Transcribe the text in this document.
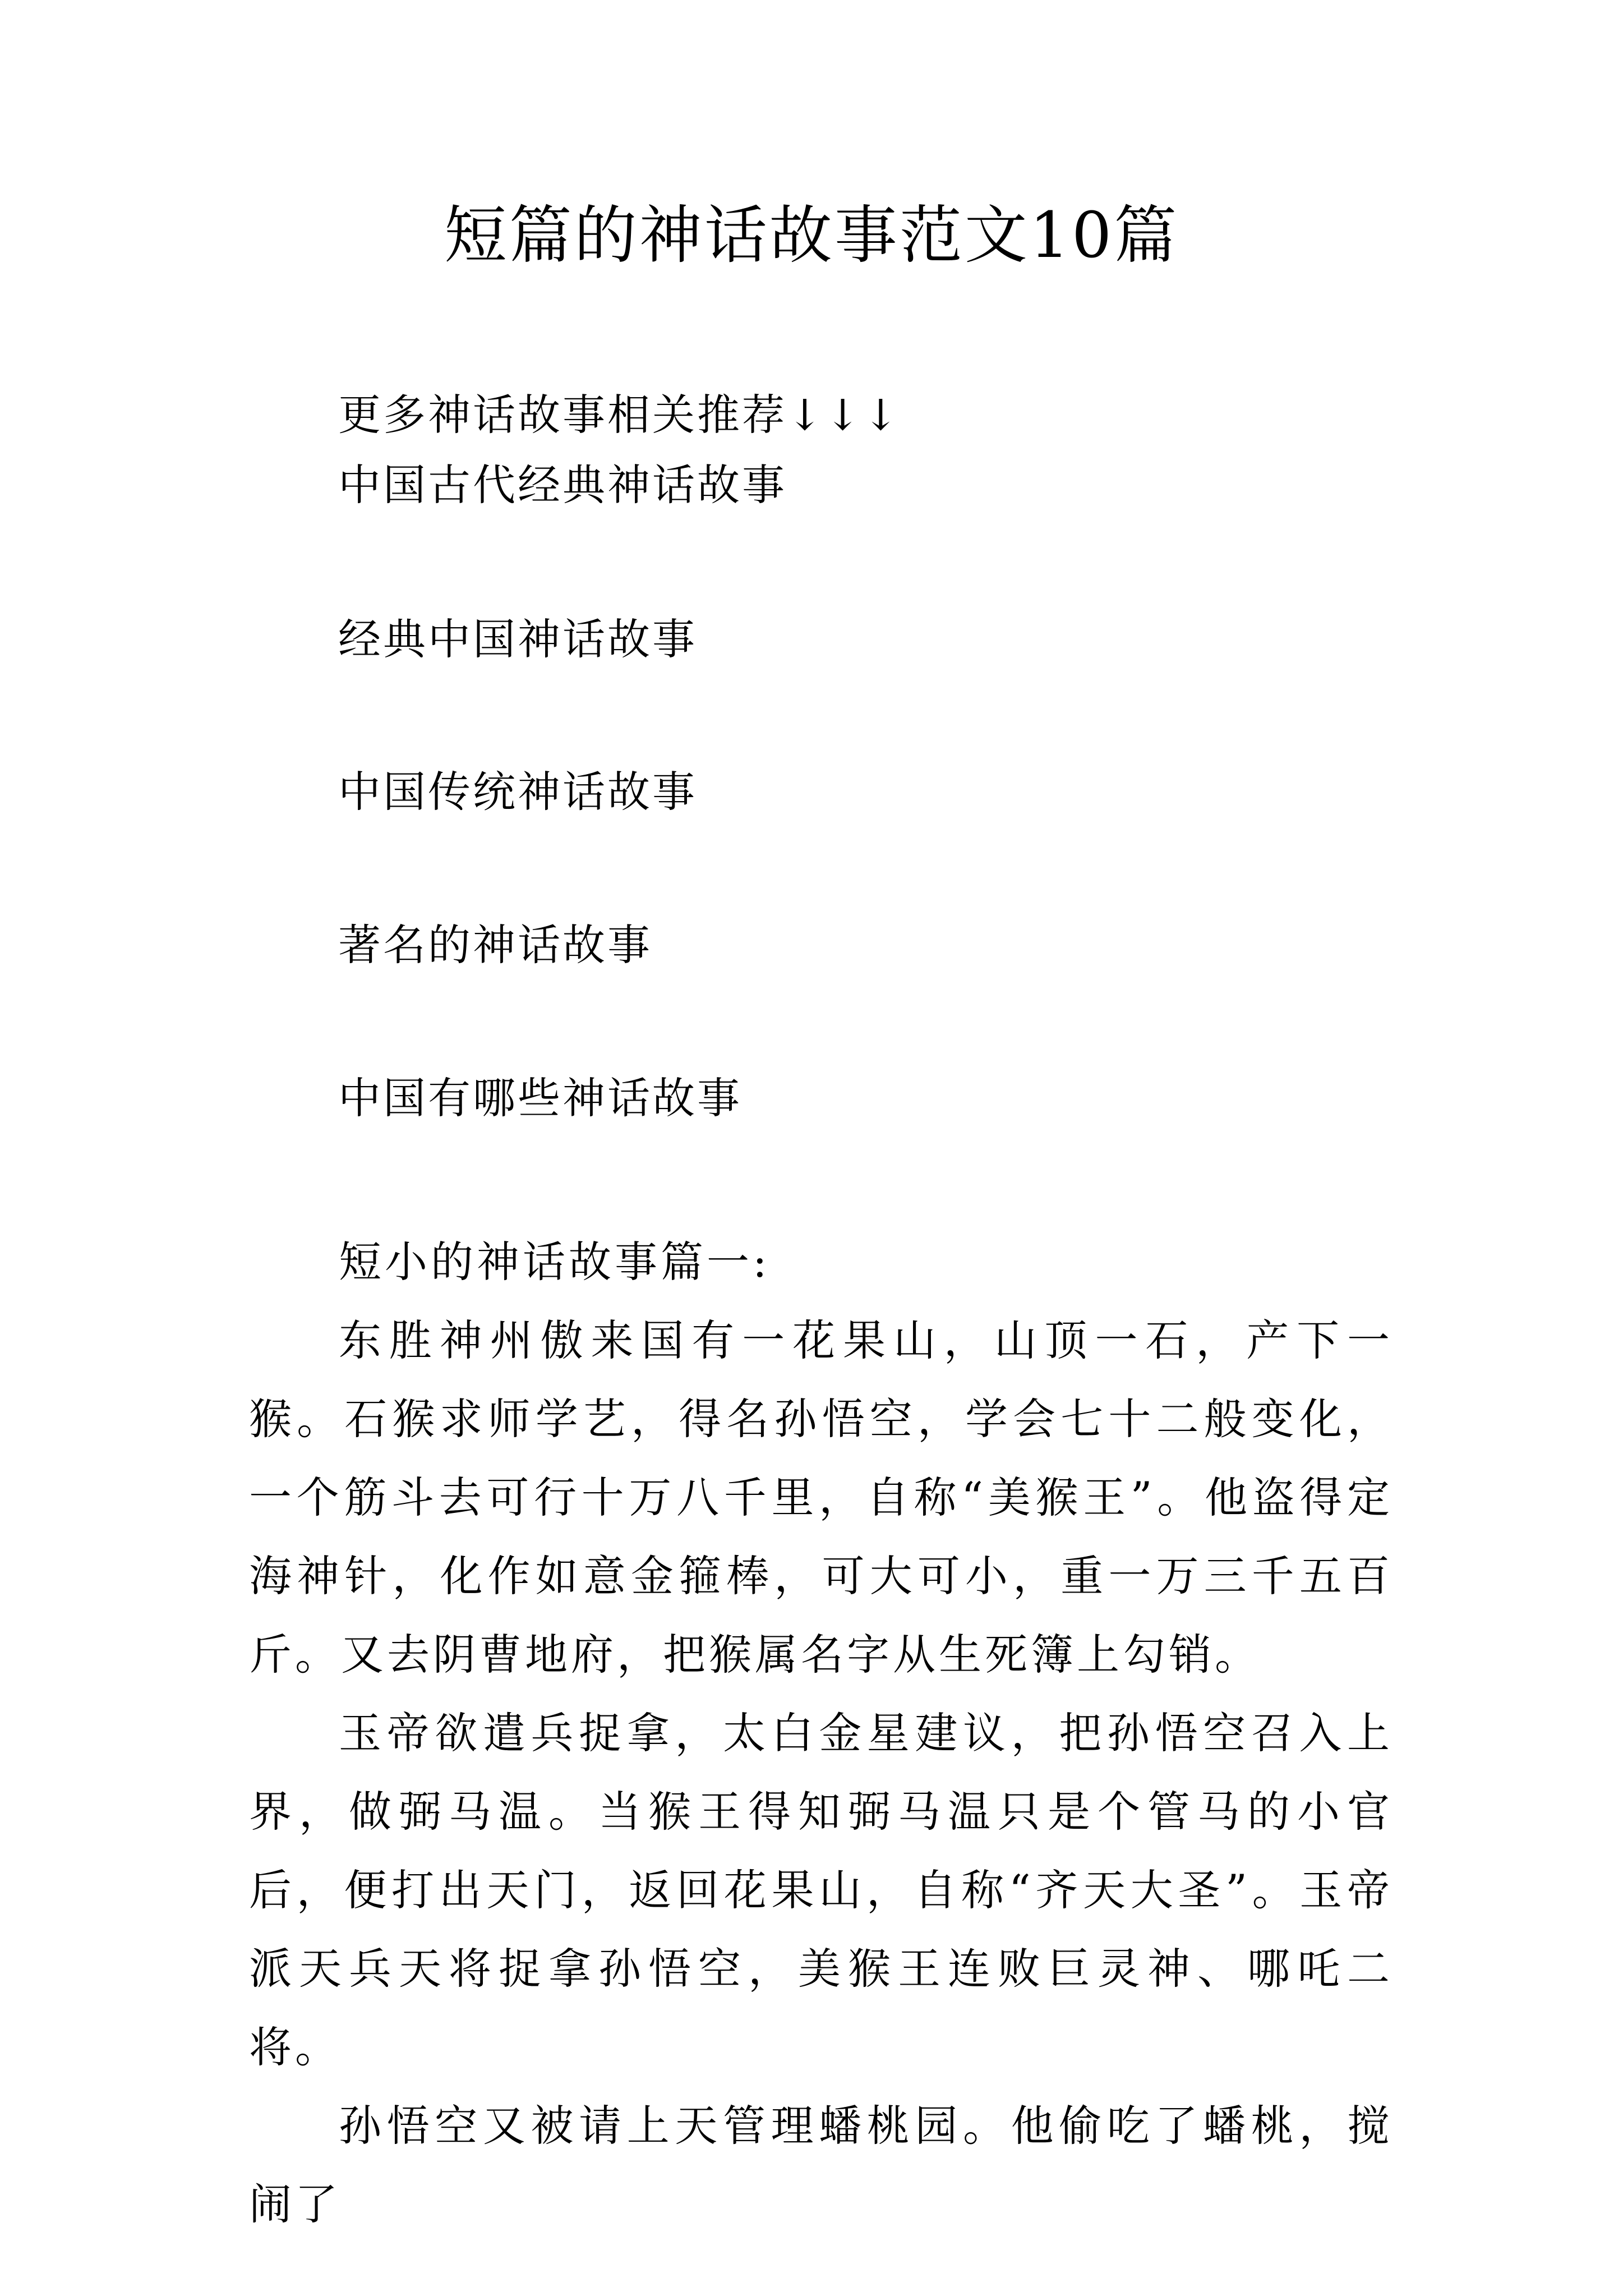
短篇的神话故事范文10篇
更多神话故事相关推荐↓↓↓
中国古代经典神话故事
经典中国神话故事
中国传统神话故事
著名的神话故事
中国有哪些神话故事
短小的神话故事篇一:

东胜神州傲来国有一花果山，山顶一石，产下一猴。石猴求师学艺，得名孙悟空，学会七十二般变化，一个筋斗去可行十万八千里，自称“美猴王”。他盗得定海神针，化作如意金箍棒，可大可小，重一万三千五百斤。又去阴曹地府，把猴属名字从生死簿上勾销。

玉帝欲遣兵捉拿，太白金星建议，把孙悟空召入上界，做弼马温。当猴王得知弼马温只是个管马的小官后，便打出天门，返回花果山，自称“齐天大圣”。玉帝派天兵天将捉拿孙悟空，美猴王连败巨灵神、哪吒二将。

孙悟空又被请上天管理蟠桃园。他偷吃了蟠桃，搅闹了
